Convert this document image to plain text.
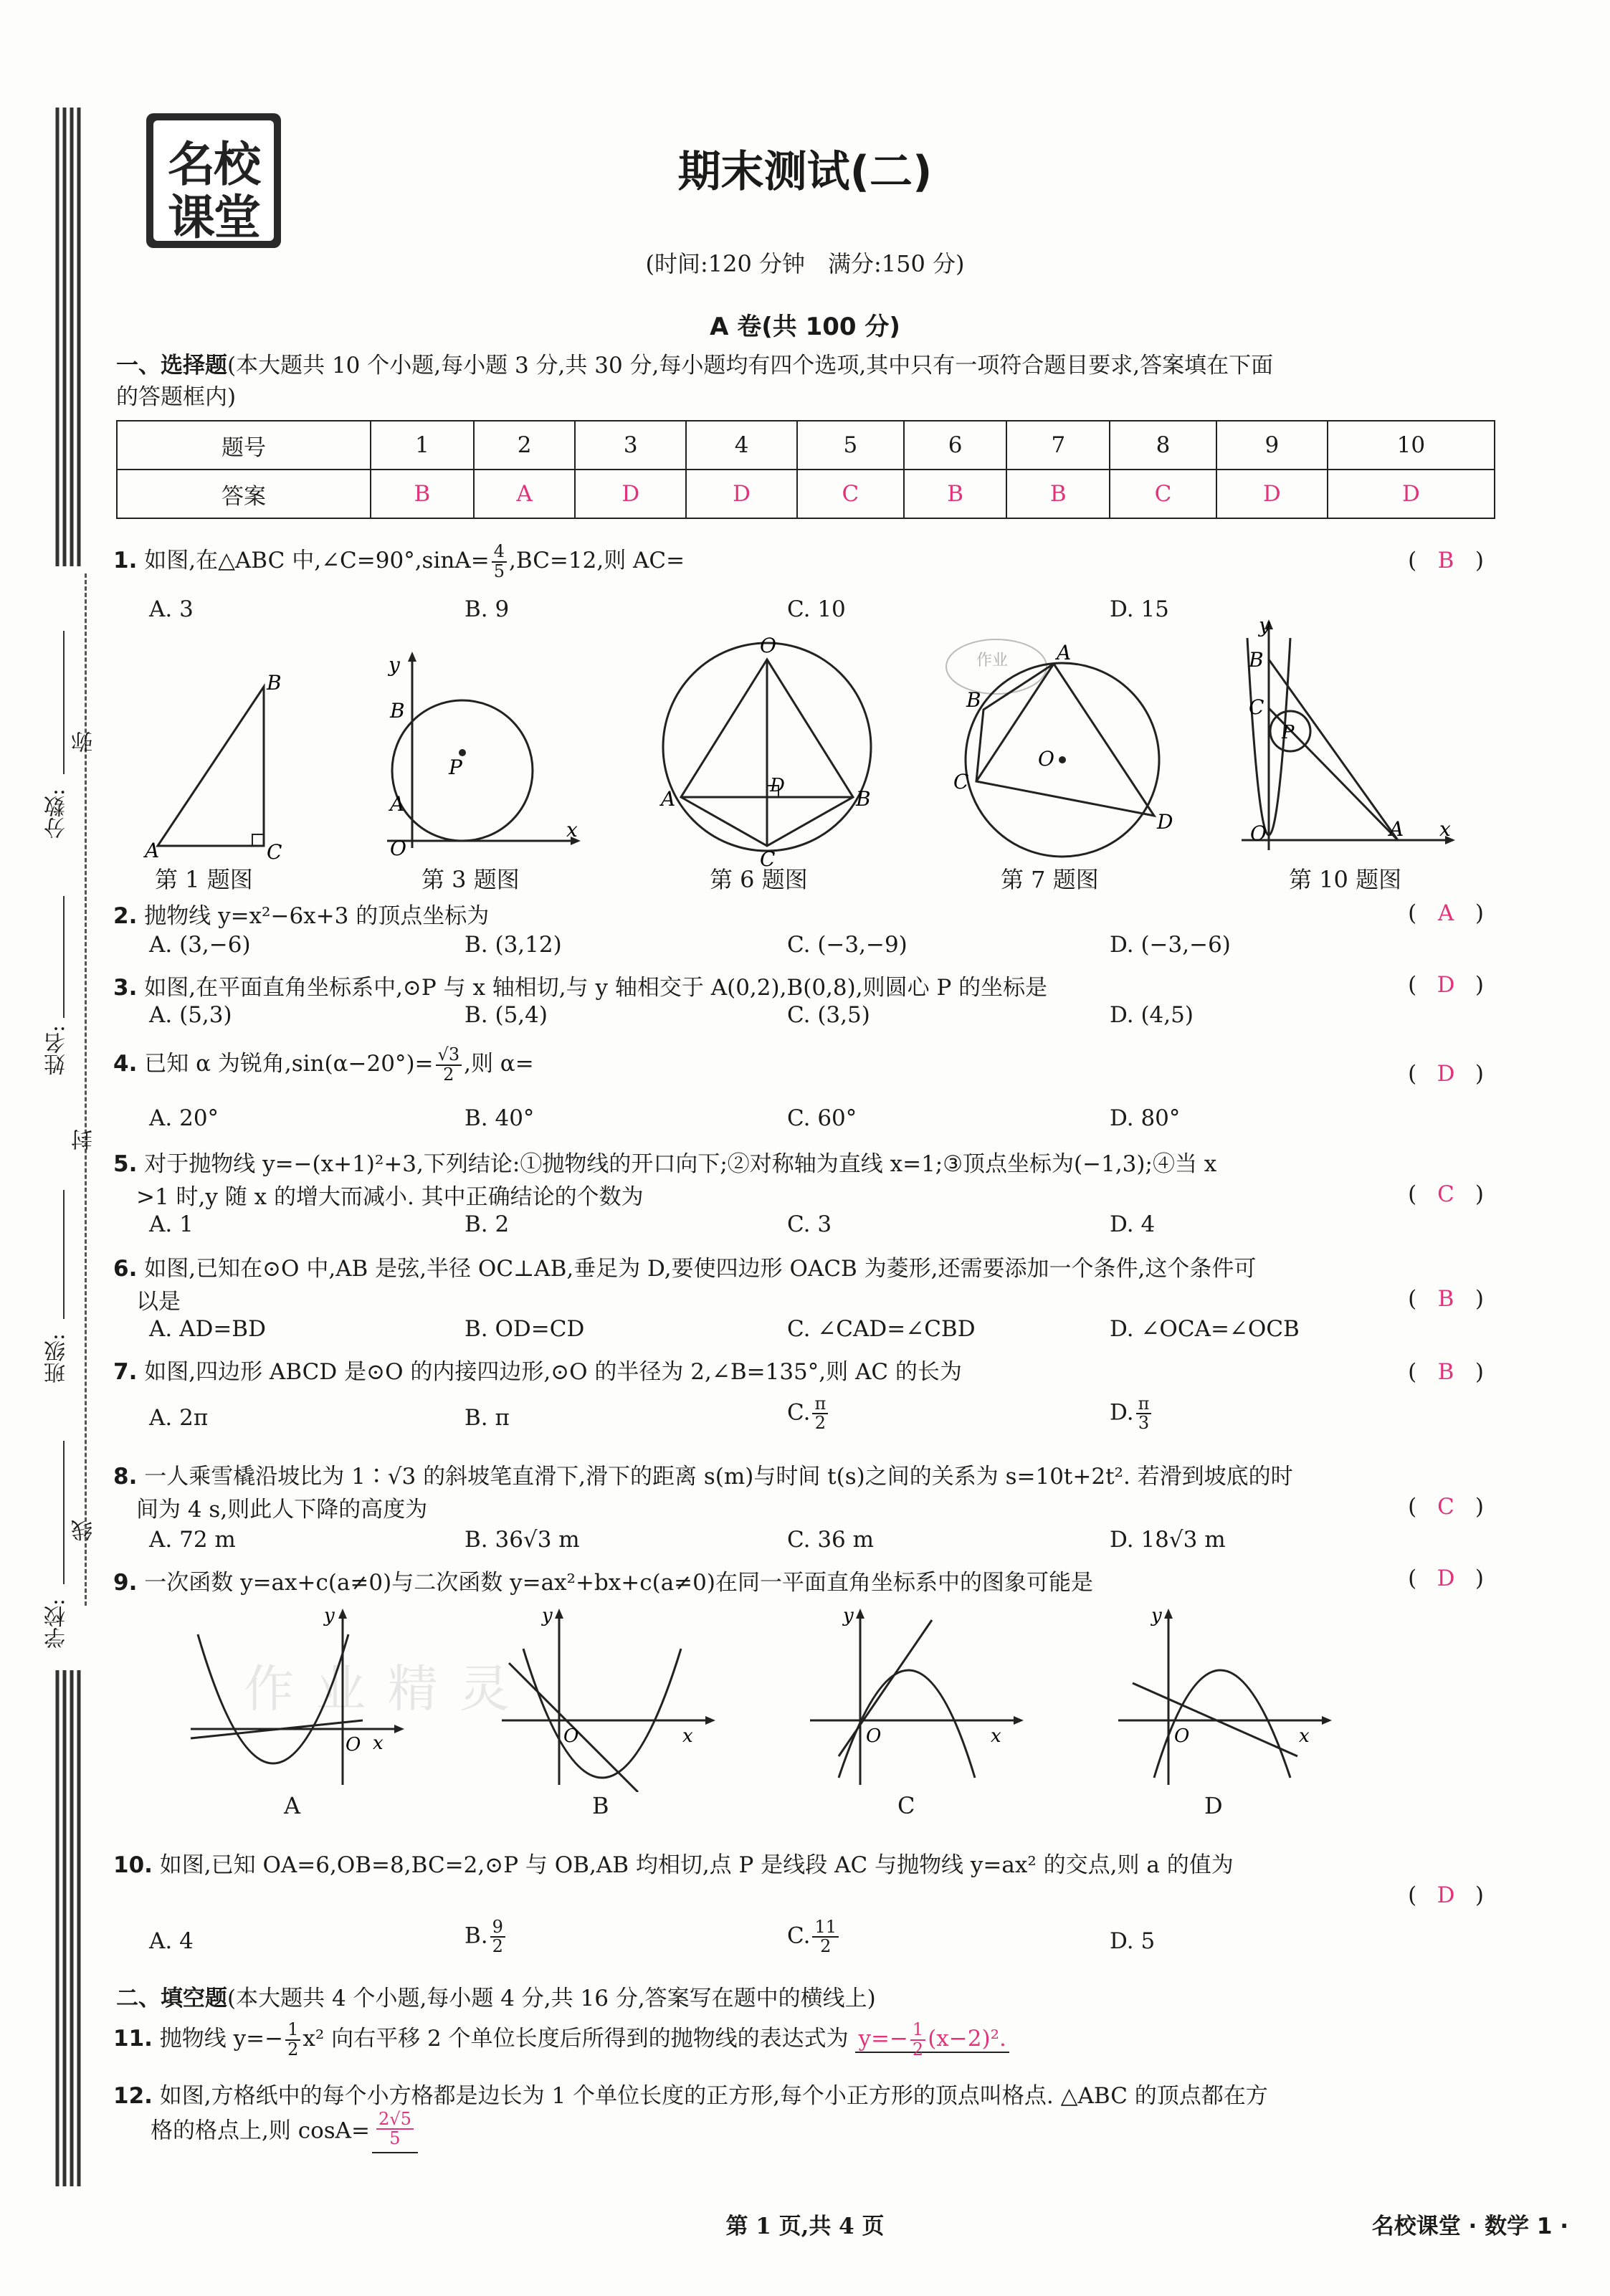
分数:
弥
姓名:
封
班级:
线
学校:
名校
课堂
期末测试(二)
(时间:120 分钟　满分:150 分)
A 卷(共 100 分)
一、选择题(本大题共 10 个小题,每小题 3 分,共 30 分,每小题均有四个选项,其中只有一项符合题目要求,答案填在下面
的答题框内)
题号	1	2	3	4	5	6	7	8	9	10
答案	B	A	D	D	C	B	B	C	D	D
1. 如图,在△ABC 中,∠C=90°,sinA= $\frac{4}{5} ,BC=12$,则 AC=	( B )
A. 3	B. 9	C. 10	D. 15
A
B
C
第 1 题图
y
x
B
A
P
O
第 3 题图
O
A	B
C
D
第 6 题图
作业 A
B
C
D
O
第 7 题图
y
x
B
C
P
O	A
第 10 题图
2. 抛物线 y=x²−6x+3 的顶点坐标为	( A )
A. (3,−6)	B. (3,12)	C. (−3,−9)	D. (−3,−6)
3. 如图,在平面直角坐标系中,⊙P 与 x 轴相切,与 y 轴相交于 A(0,2),B(0,8),则圆心 P 的坐标是	( D )
A. (5,3)	B. (5,4)	C. (3,5)	D. (4,5)
4. 已知 α 为锐角$,\sin(\alpha-20^\circ)= \frac{√3}{2}$ ,则 α=	( D )
A. 20°	B. 40°	C. 60°	D. 80°
5. 对于抛物线 y=−(x+1)²+3,下列结论:①抛物线的开口向下;②对称轴为直线 x=1;③顶点坐标为(−1,3);④当 x
>1 时,y 随 x 的增大而减小. 其中正确结论的个数为	( C )
A. 1	B. 2	C. 3	D. 4
6. 如图,已知在⊙O 中,AB 是弦,半径 OC⊥AB,垂足为 D,要使四边形 OACB 为菱形,还需要添加一个条件,这个条件可
以是	( B )
A. AD=BD	B. OD=CD	C. ∠CAD=∠CBD	D. ∠OCA=∠OCB
7. 如图,四边形 ABCD 是⊙O 的内接四边形,⊙O 的半径为 2,∠B=135°,则 AC 的长为	( B )
A. 2π	B. π	C. $\frac{\pi}{2}$	D. $\frac{\pi}{3}$
8. 一人乘雪橇沿坡比为 1∶√3 的斜坡笔直滑下,滑下的距离 s(m)与时间 t(s)之间的关系为 s=10t+2t². 若滑到坡底的时
间为 4 s,则此人下降的高度为	( C )
A. 72 m	B. 36√3 m	C. 36 m	D. 18√3 m
9. 一次函数 y=ax+c(a≠0)与二次函数 y=ax²+bx+c(a≠0)在同一平面直角坐标系中的图象可能是	( D )
作 业 精 灵
y
x
O
A
y
x
O
B
y
x
O
C
y
x
O
D
10. 如图,已知 OA=6,OB=8,BC=2,⊙P 与 OB,AB 均相切,点 P 是线段 AC 与抛物线 y=ax² 的交点,则 a 的值为
( D )
A. 4	B. $\frac{9}{2}$	C. $\frac{11}{2}$	D. 5
二、填空题(本大题共 4 个小题,每小题 4 分,共 16 分,答案写在题中的横线上)
11. 抛物线 $y=- \frac{1}{2} x^2$ 向右平移 2 个单位长度后所得到的抛物线的表达式为 $y=- \frac{1}{2} (x-2)^2$.
12. 如图,方格纸中的每个小方格都是边长为 1 个单位长度的正方形,每个小正方形的顶点叫格点. △ABC 的顶点都在方
格的格点上,则 $\cos A= \frac{2√5}{5}$
第 1 页,共 4 页	名校课堂 · 数学 1 ·
